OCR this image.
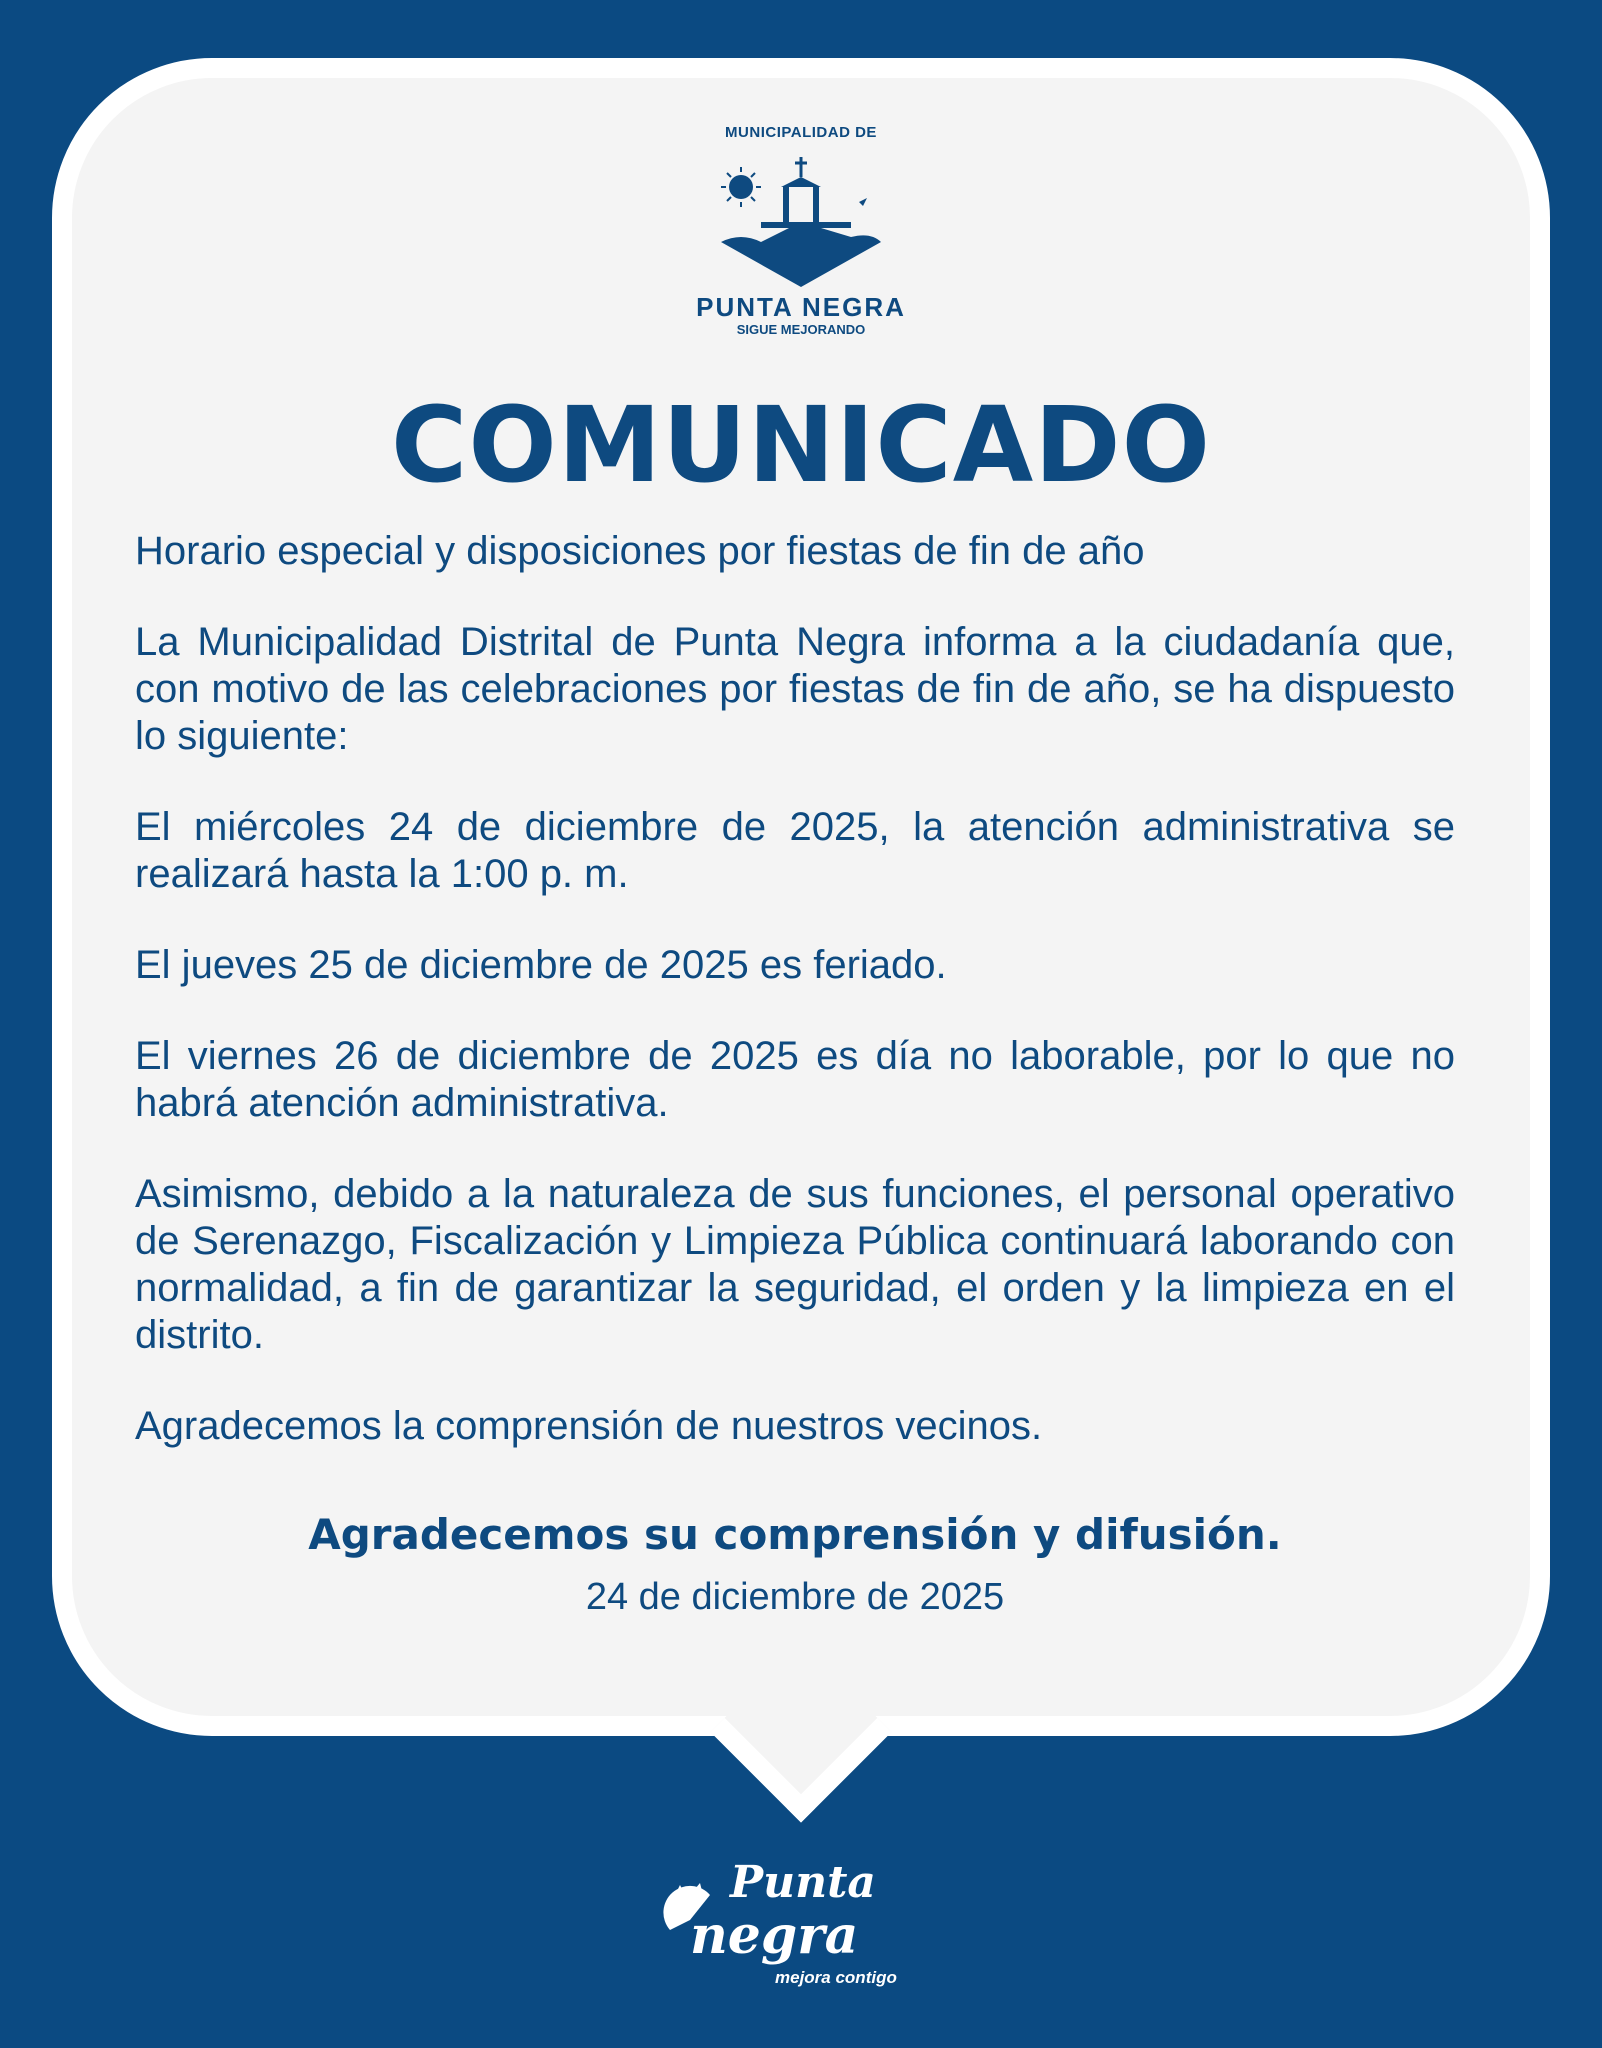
MUNICIPALIDAD DE
PUNTA NEGRA
SIGUE MEJORANDO
COMUNICADO

Horario especial y disposiciones por fiestas de fin de año

La Municipalidad Distrital de Punta Negra informa a la ciudadanía que, con motivo de las celebraciones por fiestas de fin de año, se ha dispuesto lo siguiente:

El miércoles 24 de diciembre de 2025, la atención administrativa se realizará hasta la 1:00 p. m.

El jueves 25 de diciembre de 2025 es feriado.

El viernes 26 de diciembre de 2025 es día no laborable, por lo que no habrá atención administrativa.

Asimismo, debido a la naturaleza de sus funciones, el personal operativo de Serenazgo, Fiscalización y Limpieza Pública continuará laborando con normalidad, a fin de garantizar la seguridad, el orden y la limpieza en el distrito.

Agradecemos la comprensión de nuestros vecinos.

Agradecemos su comprensión y difusión.
24 de diciembre de 2025
Punta
negra
mejora contigo
